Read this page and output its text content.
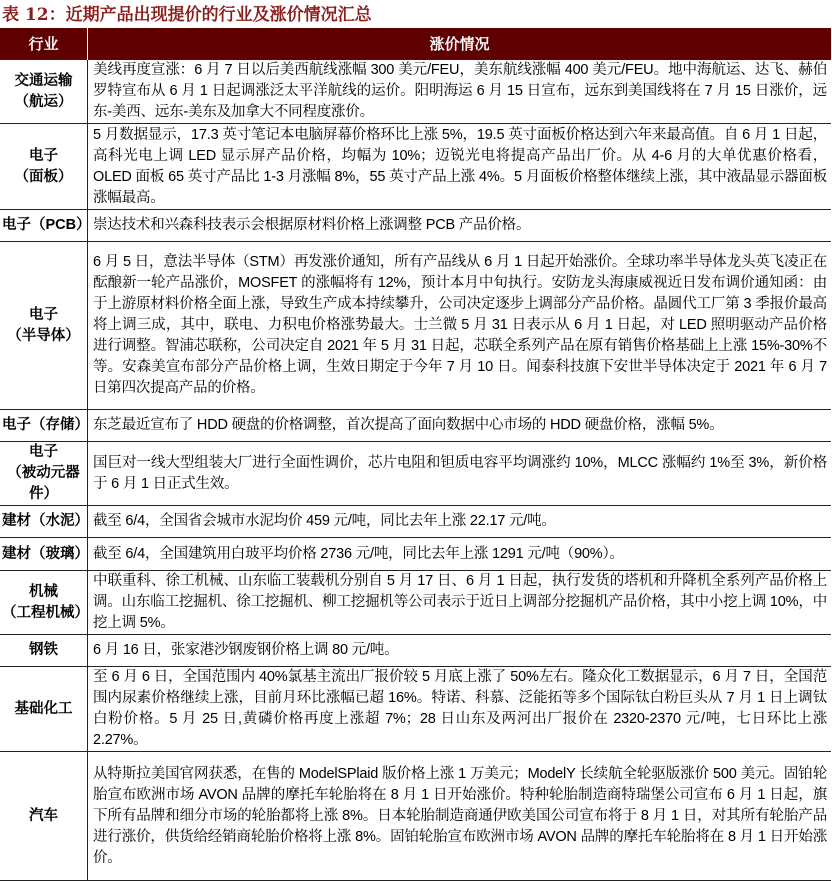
表 12：近期产品出现提价的行业及涨价情况汇总
行业	涨价情况

交通运输
（航运）	美线再度宣涨：6 月 7 日以后美西航线涨幅 300 美元/FEU，美东航线涨幅 400 美元/FEU。地中海航运、达飞、赫伯罗特宣布从 6 月 1 日起调涨泛太平洋航线的运价。阳明海运 6 月 15 日宣布，远东到美国线将在 7 月 15 日涨价，远东-美西、远东-美东及加拿大不同程度涨价。

电子
（面板）	5 月数据显示，17.3 英寸笔记本电脑屏幕价格环比上涨 5%，19.5 英寸面板价格达到六年来最高值。自 6 月 1 日起，高科光电上调 LED 显示屏产品价格，均幅为 10%；迈锐光电将提高产品出厂价。从 4-6 月的大单优惠价格看，OLED 面板 65 英寸产品比 1-3 月涨幅 8%，55 英寸产品上涨 4%。5 月面板价格整体继续上涨，其中液晶显示器面板涨幅最高。

电子（PCB）	崇达技术和兴森科技表示会根据原材料价格上涨调整 PCB 产品价格。

电子
（半导体）	6 月 5 日，意法半导体（STM）再发涨价通知，所有产品线从 6 月 1 日起开始涨价。全球功率半导体龙头英飞凌正在酝酿新一轮产品涨价，MOSFET 的涨幅将有 12%，预计本月中旬执行。安防龙头海康威视近日发布调价通知函：由于上游原材料价格全面上涨，导致生产成本持续攀升，公司决定逐步上调部分产品价格。晶圆代工厂第 3 季报价最高将上调三成，其中，联电、力积电价格涨势最大。士兰微 5 月 31 日表示从 6 月 1 日起，对 LED 照明驱动产品价格进行调整。智浦芯联称，公司决定自 2021 年 5 月 31 日起，芯联全系列产品在原有销售价格基础上上涨 15%-30%不等。安森美宣布部分产品价格上调，生效日期定于今年 7 月 10 日。闻泰科技旗下安世半导体决定于 2021 年 6 月 7 日第四次提高产品的价格。

电子（存储）	东芝最近宣布了 HDD 硬盘的价格调整，首次提高了面向数据中心市场的 HDD 硬盘价格，涨幅 5%。

电子
（被动元器件）	国巨对一线大型组装大厂进行全面性调价，芯片电阻和钽质电容平均调涨约 10%，MLCC 涨幅约 1%至 3%，新价格于 6 月 1 日正式生效。

建材（水泥）	截至 6/4，全国省会城市水泥均价 459 元/吨，同比去年上涨 22.17 元/吨。

建材（玻璃）	截至 6/4，全国建筑用白玻平均价格 2736 元/吨，同比去年上涨 1291 元/吨（90%）。

机械
（工程机械）	中联重科、徐工机械、山东临工装载机分别自 5 月 17 日、6 月 1 日起，执行发货的塔机和升降机全系列产品价格上调。山东临工挖掘机、徐工挖掘机、柳工挖掘机等公司表示于近日上调部分挖掘机产品价格，其中小挖上调 10%，中挖上调 5%。

钢铁	6 月 16 日，张家港沙钢废钢价格上调 80 元/吨。

基础化工	至 6 月 6 日，全国范围内 40%氯基主流出厂报价较 5 月底上涨了 50%左右。隆众化工数据显示，6 月 7 日，全国范围内尿素价格继续上涨，目前月环比涨幅已超 16%。特诺、科慕、泛能拓等多个国际钛白粉巨头从 7 月 1 日上调钛白粉价格。5 月 25 日,黄磷价格再度上涨超 7%；28 日山东及两河出厂报价在 2320-2370 元/吨，七日环比上涨 2.27%。

汽车	从特斯拉美国官网获悉，在售的 ModelSPlaid 版价格上涨 1 万美元；ModelY 长续航全轮驱版涨价 500 美元。固铂轮胎宣布欧洲市场 AVON 品牌的摩托车轮胎将在 8 月 1 日开始涨价。特种轮胎制造商特瑞堡公司宣布 6 月 1 日起，旗下所有品牌和细分市场的轮胎都将上涨 8%。日本轮胎制造商通伊欧美国公司宣布将于 8 月 1 日，对其所有轮胎产品进行涨价，供货给经销商轮胎价格将上涨 8%。固铂轮胎宣布欧洲市场 AVON 品牌的摩托车轮胎将在 8 月 1 日开始涨价。
